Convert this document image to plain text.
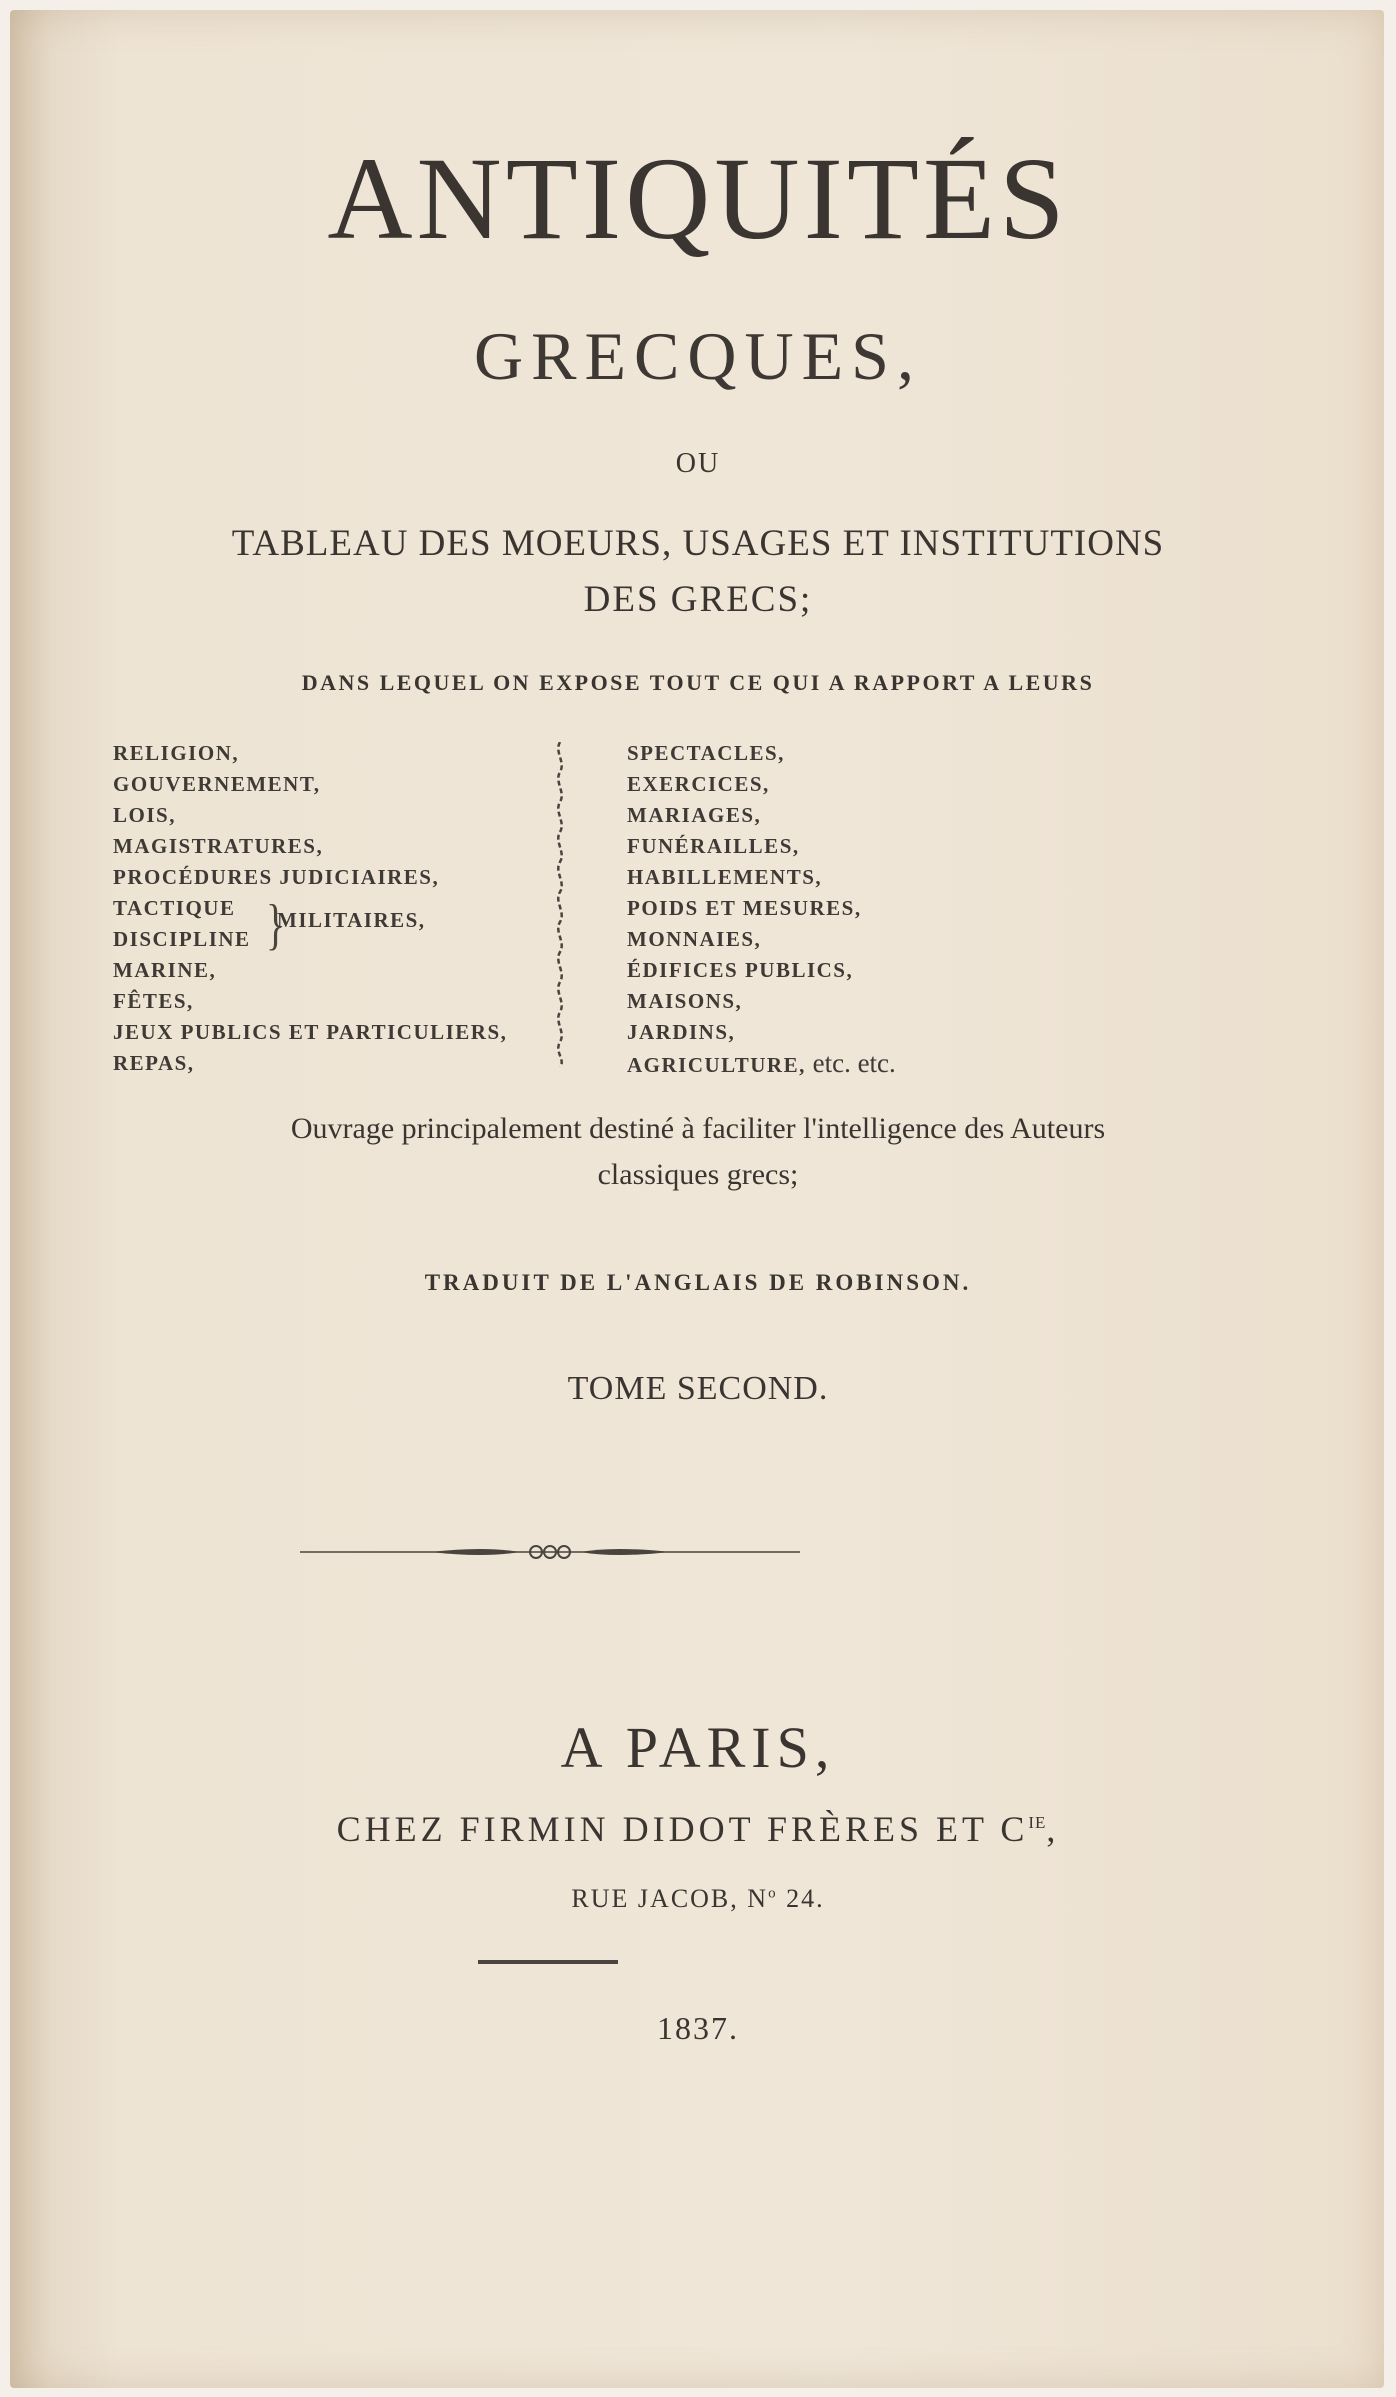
ANTIQUITÉS
GRECQUES,
OU
TABLEAU DES MOEURS, USAGES ET INSTITUTIONS
DES GRECS;
DANS LEQUEL ON EXPOSE TOUT CE QUI A RAPPORT A LEURS
RELIGION,
GOUVERNEMENT,
LOIS,
MAGISTRATURES,
PROCÉDURES JUDICIAIRES,
TACTIQUE
DISCIPLINE
MARINE,
FÊTES,
JEUX PUBLICS ET PARTICULIERS,
REPAS,
}
MILITAIRES,
SPECTACLES,
EXERCICES,
MARIAGES,
FUNÉRAILLES,
HABILLEMENTS,
POIDS ET MESURES,
MONNAIES,
ÉDIFICES PUBLICS,
MAISONS,
JARDINS,
AGRICULTURE, etc. etc.
Ouvrage principalement destiné à faciliter l'intelligence des Auteurs
classiques grecs;
TRADUIT DE L'ANGLAIS DE ROBINSON.
TOME SECOND.
A PARIS,
CHEZ FIRMIN DIDOT FRÈRES ET $C^{IE}$,
RUE JACOB, $N^o$ 24.
1837.
